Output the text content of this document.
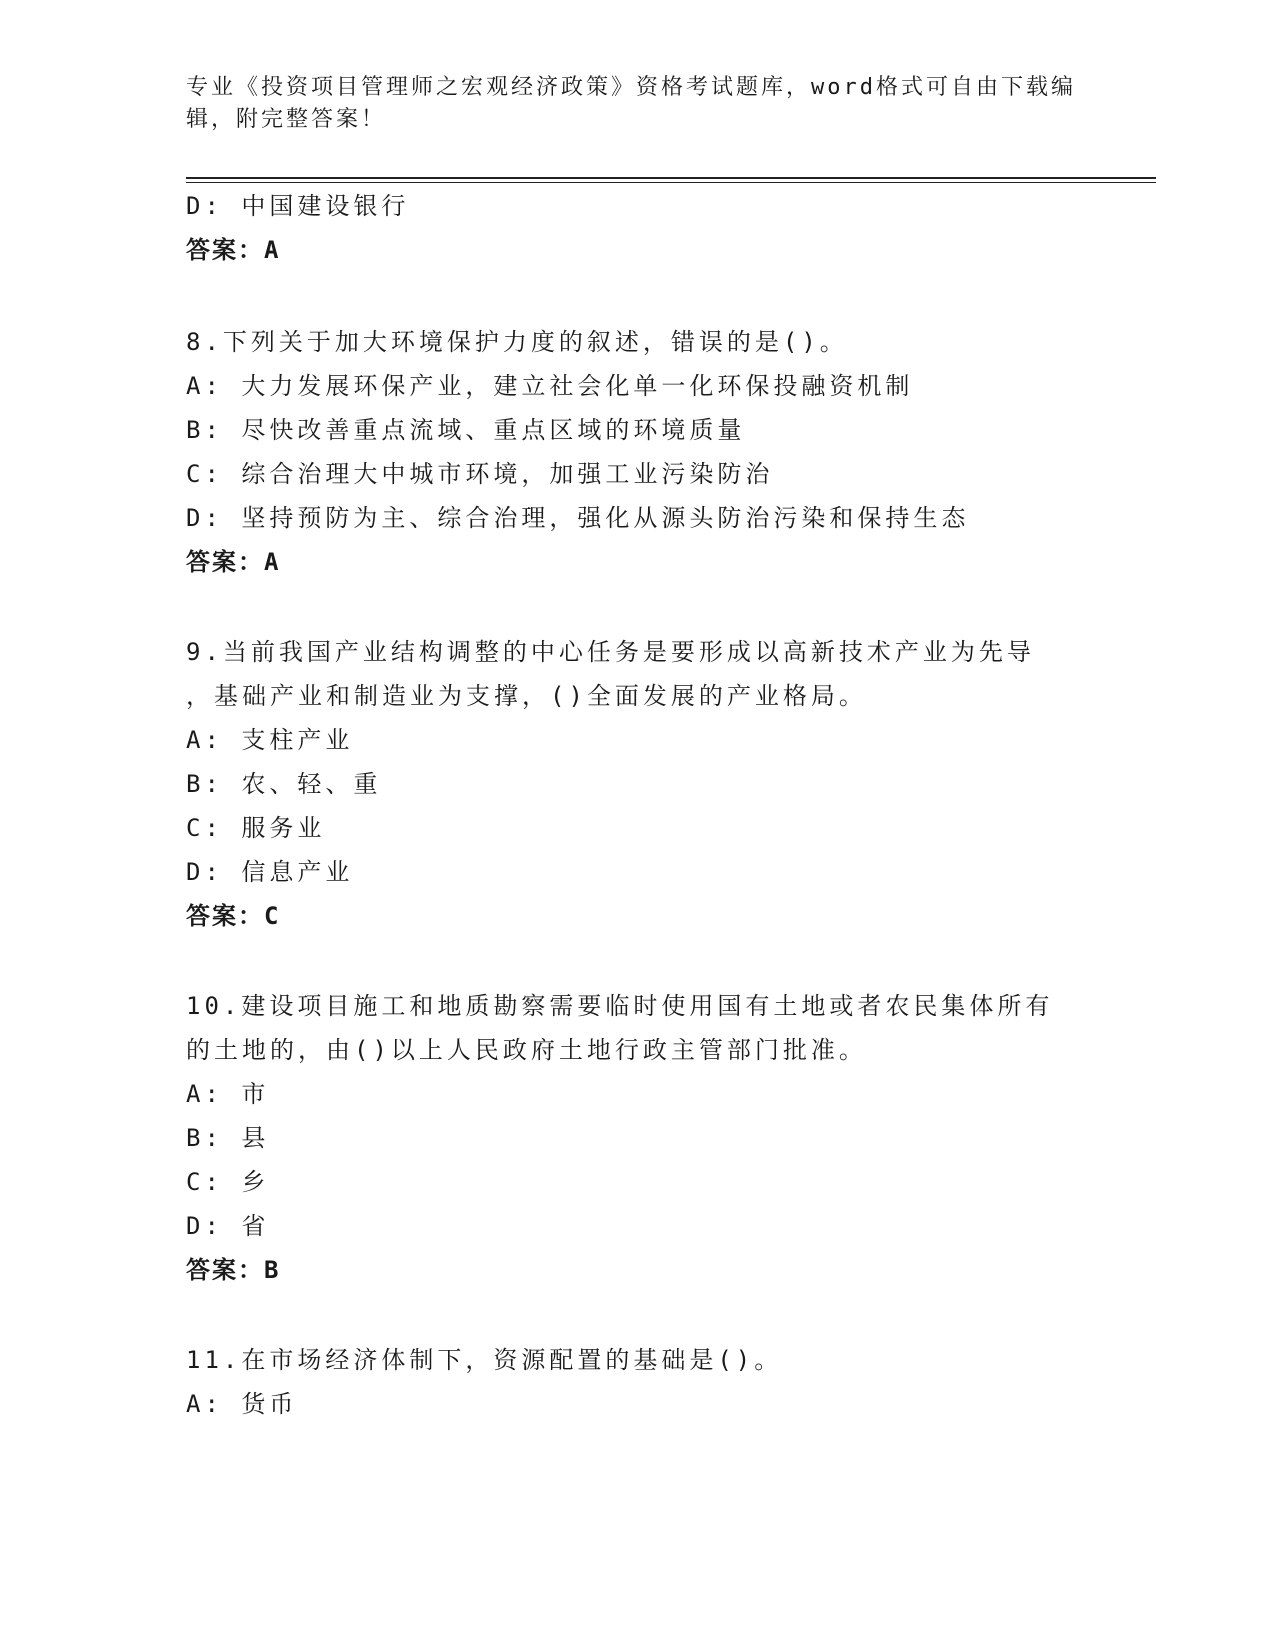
专业《投资项目管理师之宏观经济政策》资格考试题库，word格式可自由下载编
辑，附完整答案！
D: 中国建设银行
答案：A
8.下列关于加大环境保护力度的叙述，错误的是()。
A: 大力发展环保产业，建立社会化单一化环保投融资机制
B: 尽快改善重点流域、重点区域的环境质量
C: 综合治理大中城市环境，加强工业污染防治
D: 坚持预防为主、综合治理，强化从源头防治污染和保持生态
答案：A
9.当前我国产业结构调整的中心任务是要形成以高新技术产业为先导
，基础产业和制造业为支撑，()全面发展的产业格局。
A: 支柱产业
B: 农、轻、重
C: 服务业
D: 信息产业
答案：C
10.建设项目施工和地质勘察需要临时使用国有土地或者农民集体所有
的土地的，由()以上人民政府土地行政主管部门批准。
A: 市
B: 县
C: 乡
D: 省
答案：B
11.在市场经济体制下，资源配置的基础是()。
A: 货币
